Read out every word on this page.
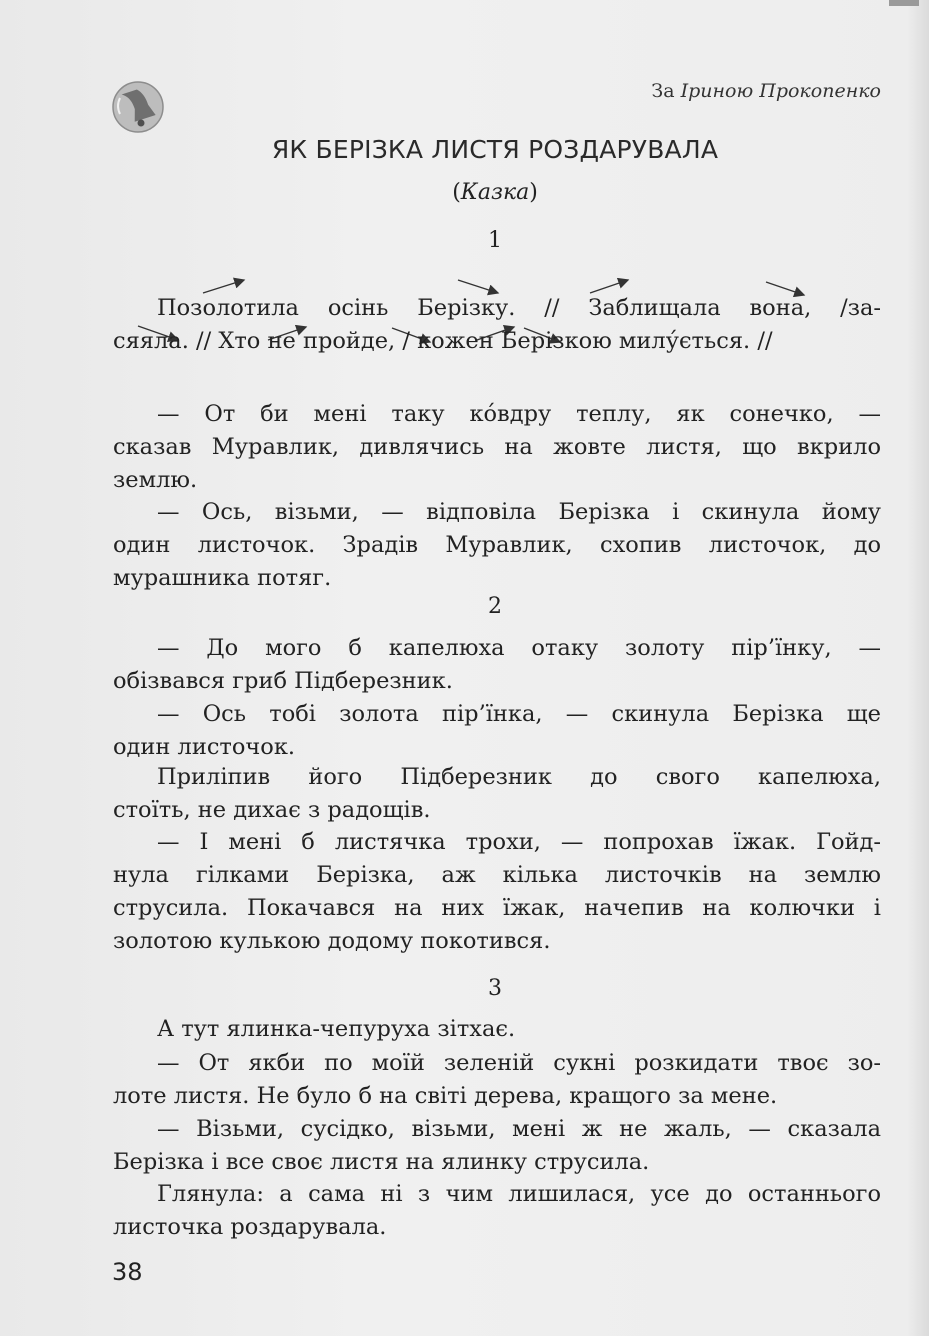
За Іриною Прокопенко
ЯК БЕРІЗКА ЛИСТЯ РОЗДАРУВАЛА
(Казка)
1
Позолотила осінь Берізку. // Заблищала вона, /за-
сяяла. // Хто не пройде, / кожен Берізкою милу́ється. //
— От би мені таку ко́вдру теплу, як сонечко, —
сказав Муравлик, дивлячись на жовте листя, що вкрило
землю.
— Ось, візьми, — відповіла Берізка і скинула йому
один листочок. Зрадів Муравлик, схопив листочок, до
мурашника потяг.
2
— До мого б капелюха отаку золоту пір’їнку, —
обізвався гриб Підберезник.
— Ось тобі золота пір’їнка, — скинула Берізка ще
один листочок.
Приліпив його Підберезник до свого капелюха,
стоїть, не дихає з радощів.
— І мені б листячка трохи, — попрохав їжак. Гойд-
нула гілками Берізка, аж кілька листочків на землю
струсила. Покачався на них їжак, начепив на колючки і
золотою кулькою додому покотився.
3
А тут ялинка-чепуруха зітхає.
— От якби по моїй зеленій сукні розкидати твоє зо-
лоте листя. Не було б на світі дерева, кращого за мене.
— Візьми, сусідко, візьми, мені ж не жаль, — сказала
Берізка і все своє листя на ялинку струсила.
Глянула: а сама ні з чим лишилася, усе до останнього
листочка роздарувала.
38
